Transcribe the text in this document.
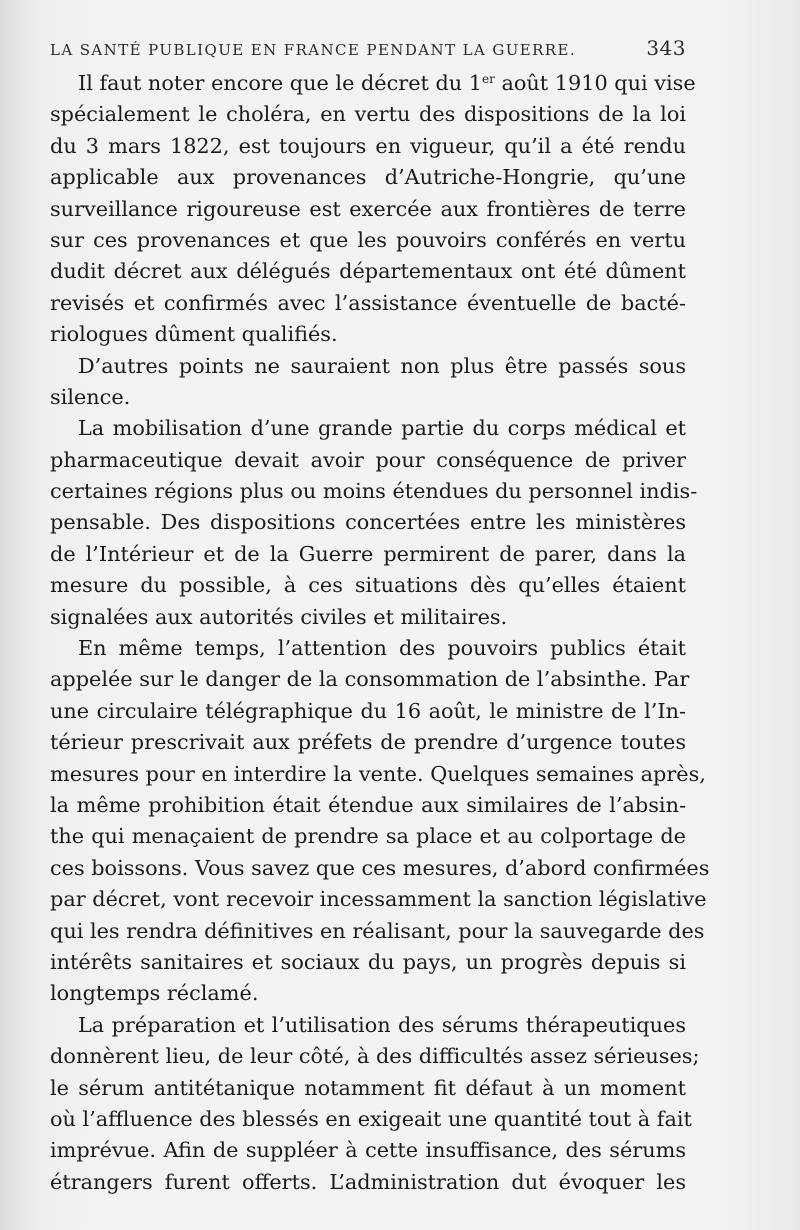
LA SANTÉ PUBLIQUE EN FRANCE PENDANT LA GUERRE.	343
Il faut noter encore que le décret du 1er août 1910 qui vise
spécialement le choléra, en vertu des dispositions de la loi
du 3 mars 1822, est toujours en vigueur, qu’il a été rendu
applicable aux provenances d’Autriche-Hongrie, qu’une
surveillance rigoureuse est exercée aux frontières de terre
sur ces provenances et que les pouvoirs conférés en vertu
dudit décret aux délégués départementaux ont été dûment
revisés et confirmés avec l’assistance éventuelle de bacté-
riologues dûment qualifiés.
D’autres points ne sauraient non plus être passés sous
silence.
La mobilisation d’une grande partie du corps médical et
pharmaceutique devait avoir pour conséquence de priver
certaines régions plus ou moins étendues du personnel indis-
pensable. Des dispositions concertées entre les ministères
de l’Intérieur et de la Guerre permirent de parer, dans la
mesure du possible, à ces situations dès qu’elles étaient
signalées aux autorités civiles et militaires.
En même temps, l’attention des pouvoirs publics était
appelée sur le danger de la consommation de l’absinthe. Par
une circulaire télégraphique du 16 août, le ministre de l’In-
térieur prescrivait aux préfets de prendre d’urgence toutes
mesures pour en interdire la vente. Quelques semaines après,
la même prohibition était étendue aux similaires de l’absin-
the qui menaçaient de prendre sa place et au colportage de
ces boissons. Vous savez que ces mesures, d’abord confirmées
par décret, vont recevoir incessamment la sanction législative
qui les rendra définitives en réalisant, pour la sauvegarde des
intérêts sanitaires et sociaux du pays, un progrès depuis si
longtemps réclamé.
La préparation et l’utilisation des sérums thérapeutiques
donnèrent lieu, de leur côté, à des difficultés assez sérieuses;
le sérum antitétanique notamment fit défaut à un moment
où l’affluence des blessés en exigeait une quantité tout à fait
imprévue. Afin de suppléer à cette insuffisance, des sérums
étrangers furent offerts. L’administration dut évoquer les
